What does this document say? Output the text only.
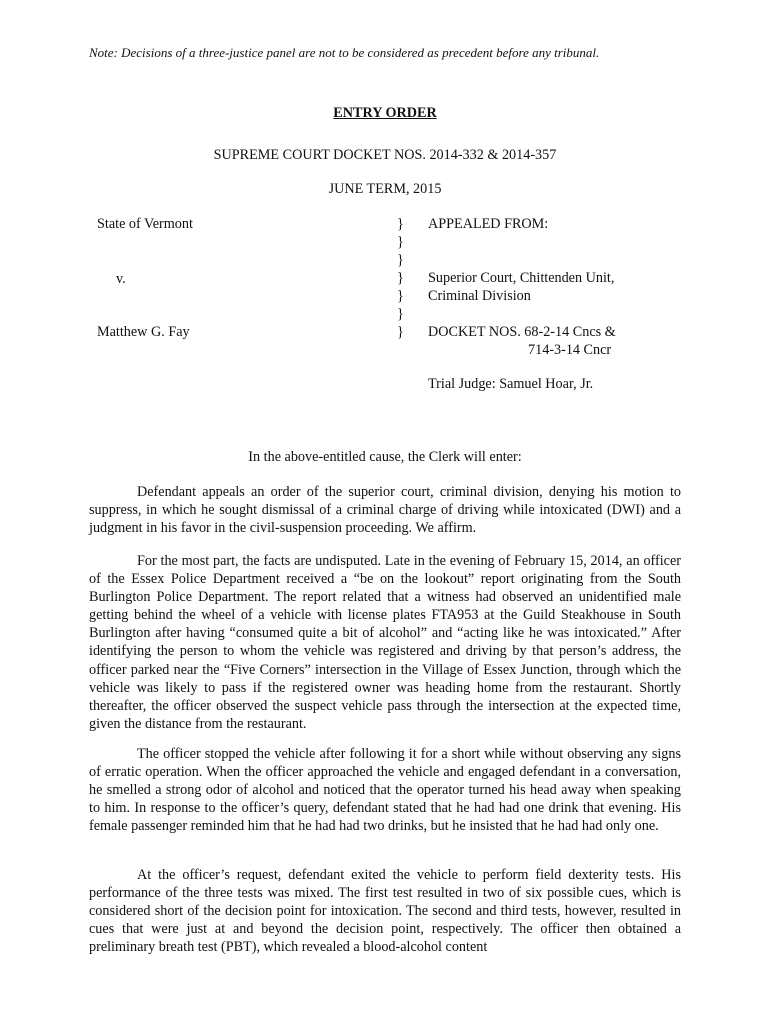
Note: Decisions of a three-justice panel are not to be considered as precedent before any tribunal.
ENTRY ORDER
SUPREME COURT DOCKET NOS. 2014-332 & 2014-357
JUNE TERM, 2015
State of Vermont
v.
Matthew G. Fay
}
}
}
}
}
}
}
APPEALED FROM:
Superior Court, Chittenden Unit,
Criminal Division
DOCKET NOS. 68-2-14 Cncs &
714-3-14 Cncr
Trial Judge: Samuel Hoar, Jr.
In the above-entitled cause, the Clerk will enter:

Defendant appeals an order of the superior court, criminal division, denying his motion to suppress, in which he sought dismissal of a criminal charge of driving while intoxicated (DWI) and a judgment in his favor in the civil-suspension proceeding. We affirm.

For the most part, the facts are undisputed. Late in the evening of February 15, 2014, an officer of the Essex Police Department received a “be on the lookout” report originating from the South Burlington Police Department. The report related that a witness had observed an unidentified male getting behind the wheel of a vehicle with license plates FTA953 at the Guild Steakhouse in South Burlington after having “consumed quite a bit of alcohol” and “acting like he was intoxicated.” After identifying the person to whom the vehicle was registered and driving by that person’s address, the officer parked near the “Five Corners” intersection in the Village of Essex Junction, through which the vehicle was likely to pass if the registered owner was heading home from the restaurant. Shortly thereafter, the officer observed the suspect vehicle pass through the intersection at the expected time, given the distance from the restaurant.

The officer stopped the vehicle after following it for a short while without observing any signs of erratic operation. When the officer approached the vehicle and engaged defendant in a conversation, he smelled a strong odor of alcohol and noticed that the operator turned his head away when speaking to him. In response to the officer’s query, defendant stated that he had had one drink that evening. His female passenger reminded him that he had had two drinks, but he insisted that he had had only one.

At the officer’s request, defendant exited the vehicle to perform field dexterity tests. His performance of the three tests was mixed. The first test resulted in two of six possible cues, which is considered short of the decision point for intoxication. The second and third tests, however, resulted in cues that were just at and beyond the decision point, respectively. The officer then obtained a preliminary breath test (PBT), which revealed a blood-alcohol content
